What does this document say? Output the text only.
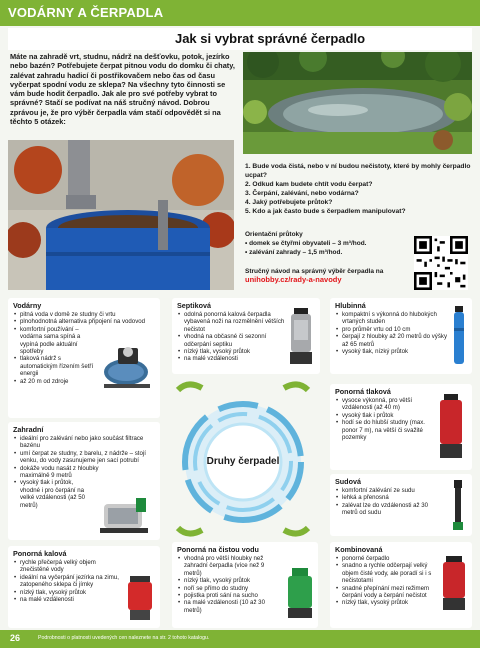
VODÁRNY A ČERPADLA
Jak si vybrat správné čerpadlo

Máte na zahradě vrt, studnu, nádrž na dešťovku, potok, jezírko nebo bazén? Potřebujete čerpat pitnou vodu do domku či chaty, zalévat zahradu hadicí či postřikovačem nebo čas od času vyčerpat spodní vodu ze sklepa? Na všechny tyto činnosti se vám bude hodit čerpadlo. Jak ale pro své potřeby vybrat to správné? Stačí se podívat na náš stručný návod. Dobrou zprávou je, že pro výběr čerpadla vám stačí odpovědět si na těchto 5 otázek:

1. Bude voda čistá, nebo v ní budou nečistoty, které by mohly čerpadlo ucpat?
2. Odkud kam budete chtít vodu čerpat?
3. Čerpání, zalévání, nebo vodárna?
4. Jaký potřebujete průtok?
5. Kdo a jak často bude s čerpadlem manipulovat?
Orientační průtoky
• domek se čtyřmi obyvateli – 3 m³/hod.
• zalévání zahrady – 1,5 m³/hod.
Stručný návod na správný výběr čerpadla na
unihobby.cz/rady-a-navody
Vodárny
• pitná voda v domě ze studny či vrtu
• plnohodnotná alternativa připojení na vodovod
• komfortní používání – vodárna sama spíná a vypíná podle aktuální spotřeby
• tlaková nádrž s automatickým řízením šetří energii
• až 20 m od zdroje
Zahradní
• ideální pro zalévání nebo jako součást filtrace bazénu
• umí čerpat ze studny, z barelu, z nádrže – stojí venku, do vody zasunujeme jen sací potrubí
• dokáže vodu nasát z hloubky maximálně 9 metrů
• vysoký tlak i průtok, vhodné i pro čerpání na velké vzdálenosti (až 50 metrů)
Ponorná kalová
• rychle přečerpá velký objem znečistěné vody
• ideální na vyčerpání jezírka na zimu, zatopeného sklepa či jímky
• nízký tlak, vysoký průtok
• na malé vzdálenosti
Septiková
• odolná ponorná kalová čerpadla vybavená noži na rozmělnění větších nečistot
• vhodná na občasné či sezonní odčerpání septiku
• nízký tlak, vysoký průtok
• na malé vzdálenosti
Druhy čerpadel
Ponorná na čistou vodu
• vhodná pro větší hloubky než zahradní čerpadla (více než 9 metrů)
• nízký tlak, vysoký průtok
• noří se přímo do studny
• pojistka proti sání na sucho
• na malé vzdálenosti (10 až 30 metrů)
Hlubinná
• kompaktní s výkonná do hlubokých vrtaných studen
• pro průměr vrtu od 10 cm
• čerpají z hloubky až 20 metrů do výšky až 65 metrů
• vysoký tlak, nízký průtok
Ponorná tlaková
• vysoce výkonná, pro větší vzdálenosti (až 40 m)
• vysoký tlak i průtok
• hodí se do hlubší studny (max. ponor 7 m), na větší či svažité pozemky
Sudová
• komfortní zalévání ze sudu
• lehká a přenosná
• zalévat lze do vzdálenosti až 30 metrů od sudu
Kombinovaná
• ponorné čerpadlo
• snadno a rychle odčerpají velký objem čisté vody, ale poradí si i s nečistotami
• snadné přepínání mezi režimem čerpání vody a čerpání nečistot
• nízký tlak, vysoký průtok
26	Podrobnosti o platnosti uvedených cen naleznete na str. 2 tohoto katalogu.
